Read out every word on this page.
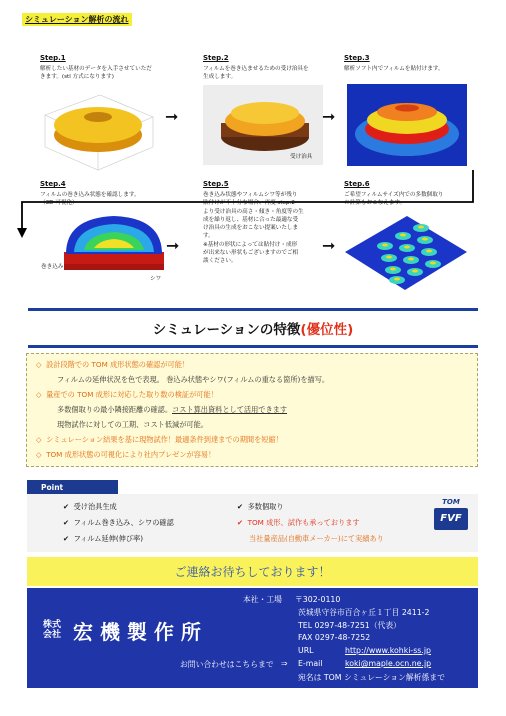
シミュレーション解析の流れ
Step.1
解析したい基材のデータを入手させていただ
きます。(stl 方式になります)
➞
Step.2
フィルムを巻き込ませるための受け治具を
生成します。
受け治具
➞
Step.3
解析ソフト内でフィルムを貼付けます。
Step.4
フィルムの巻き込み状態を確認します。
（3D 可視化）
巻き込み
シワ
➞
Step.5
巻き込み状態やフィルムシワ等が残り
貼付けが不十分な場合、再度 step.2
より受け治具の高さ・傾き・角度等の生
成を繰り返し、基材に合った最適な受
け治具の生成をおこない提案いたしま
す。
※基材の形状によっては貼付け・成形
が出来ない形状もございますのでご相
談ください。
➞
Step.6
ご希望フィルムサイズ内での多数個取り
の計算もおこなえます。
シミュレーションの特徴(優位性)
◇ 設計段階での TOM 成形状態の確認が可能！
フィルムの延伸状況を色で表現。 巻込み状態やシワ(フィルムの重なる箇所)を描写。
◇ 量産での TOM 成形に対応した取り数の検証が可能！
多数個取りの最小隣接距離の確認。コスト算出資料として活用できます
現物試作に対しての工期、コスト低減が可能。
◇ シミュレーション結果を基に現物試作！最適条件到達までの期間を短縮！
◇ TOM 成形状態の可視化により社内プレゼンが容易！
Point
✔ 受け治具生成
✔ フィルム巻き込み、シワの確認
✔ フィルム延伸(伸び率)
✔ 多数個取り
✔ TOM 成形、試作も承っております
当社量産品(自動車メーカー)にて実績あり
TOM
FVF
ご連絡お待ちしております！
株式
会社 宏 機 製 作 所
本社・工場 〒302-0110
茨城県守谷市百合ヶ丘１丁目 2411-2
TEL 0297-48-7251（代表）
FAX 0297-48-7252
URL	http://www.kohki-ss.jp
お問い合わせはこちらまで ⇒ E-mail	koki@maple.ocn.ne.jp
宛名は TOM シミュレーション解析係まで
